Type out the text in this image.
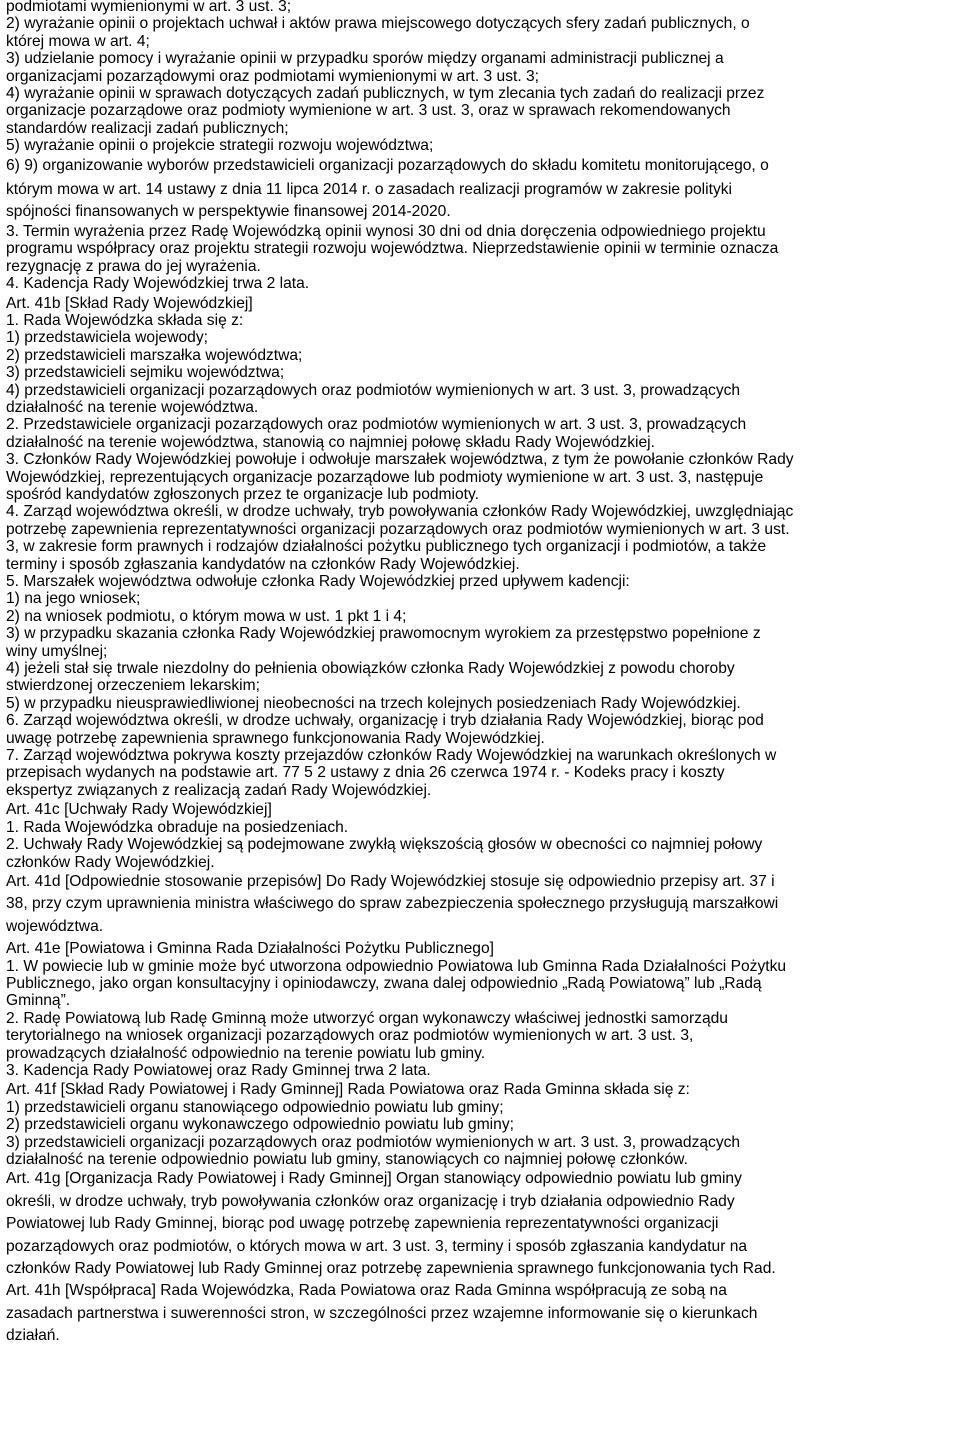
podmiotami wymienionymi w art. 3 ust. 3;
2) wyrażanie opinii o projektach uchwał i aktów prawa miejscowego dotyczących sfery zadań publicznych, o
której mowa w art. 4;
3) udzielanie pomocy i wyrażanie opinii w przypadku sporów między organami administracji publicznej a
organizacjami pozarządowymi oraz podmiotami wymienionymi w art. 3 ust. 3;
4) wyrażanie opinii w sprawach dotyczących zadań publicznych, w tym zlecania tych zadań do realizacji przez
organizacje pozarządowe oraz podmioty wymienione w art. 3 ust. 3, oraz w sprawach rekomendowanych
standardów realizacji zadań publicznych;
5) wyrażanie opinii o projekcie strategii rozwoju województwa;
6) 9) organizowanie wyborów przedstawicieli organizacji pozarządowych do składu komitetu monitorującego, o
którym mowa w art. 14 ustawy z dnia 11 lipca 2014 r. o zasadach realizacji programów w zakresie polityki
spójności finansowanych w perspektywie finansowej 2014-2020.
3. Termin wyrażenia przez Radę Wojewódzką opinii wynosi 30 dni od dnia doręczenia odpowiedniego projektu
programu współpracy oraz projektu strategii rozwoju województwa. Nieprzedstawienie opinii w terminie oznacza
rezygnację z prawa do jej wyrażenia.
4. Kadencja Rady Wojewódzkiej trwa 2 lata.
Art. 41b [Skład Rady Wojewódzkiej]
1. Rada Wojewódzka składa się z:
1) przedstawiciela wojewody;
2) przedstawicieli marszałka województwa;
3) przedstawicieli sejmiku województwa;
4) przedstawicieli organizacji pozarządowych oraz podmiotów wymienionych w art. 3 ust. 3, prowadzących
działalność na terenie województwa.
2. Przedstawiciele organizacji pozarządowych oraz podmiotów wymienionych w art. 3 ust. 3, prowadzących
działalność na terenie województwa, stanowią co najmniej połowę składu Rady Wojewódzkiej.
3. Członków Rady Wojewódzkiej powołuje i odwołuje marszałek województwa, z tym że powołanie członków Rady
Wojewódzkiej, reprezentujących organizacje pozarządowe lub podmioty wymienione w art. 3 ust. 3, następuje
spośród kandydatów zgłoszonych przez te organizacje lub podmioty.
4. Zarząd województwa określi, w drodze uchwały, tryb powoływania członków Rady Wojewódzkiej, uwzględniając
potrzebę zapewnienia reprezentatywności organizacji pozarządowych oraz podmiotów wymienionych w art. 3 ust.
3, w zakresie form prawnych i rodzajów działalności pożytku publicznego tych organizacji i podmiotów, a także
terminy i sposób zgłaszania kandydatów na członków Rady Wojewódzkiej.
5. Marszałek województwa odwołuje członka Rady Wojewódzkiej przed upływem kadencji:
1) na jego wniosek;
2) na wniosek podmiotu, o którym mowa w ust. 1 pkt 1 i 4;
3) w przypadku skazania członka Rady Wojewódzkiej prawomocnym wyrokiem za przestępstwo popełnione z
winy umyślnej;
4) jeżeli stał się trwale niezdolny do pełnienia obowiązków członka Rady Wojewódzkiej z powodu choroby
stwierdzonej orzeczeniem lekarskim;
5) w przypadku nieusprawiedliwionej nieobecności na trzech kolejnych posiedzeniach Rady Wojewódzkiej.
6. Zarząd województwa określi, w drodze uchwały, organizację i tryb działania Rady Wojewódzkiej, biorąc pod
uwagę potrzebę zapewnienia sprawnego funkcjonowania Rady Wojewódzkiej.
7. Zarząd województwa pokrywa koszty przejazdów członków Rady Wojewódzkiej na warunkach określonych w
przepisach wydanych na podstawie art. 77 5 2 ustawy z dnia 26 czerwca 1974 r. - Kodeks pracy i koszty
ekspertyz związanych z realizacją zadań Rady Wojewódzkiej.
Art. 41c [Uchwały Rady Wojewódzkiej]
1. Rada Wojewódzka obraduje na posiedzeniach.
2. Uchwały Rady Wojewódzkiej są podejmowane zwykłą większością głosów w obecności co najmniej połowy
członków Rady Wojewódzkiej.
Art. 41d [Odpowiednie stosowanie przepisów] Do Rady Wojewódzkiej stosuje się odpowiednio przepisy art. 37 i
38, przy czym uprawnienia ministra właściwego do spraw zabezpieczenia społecznego przysługują marszałkowi
województwa.
Art. 41e [Powiatowa i Gminna Rada Działalności Pożytku Publicznego]
1. W powiecie lub w gminie może być utworzona odpowiednio Powiatowa lub Gminna Rada Działalności Pożytku
Publicznego, jako organ konsultacyjny i opiniodawczy, zwana dalej odpowiednio „Radą Powiatową” lub „Radą
Gminną”.
2. Radę Powiatową lub Radę Gminną może utworzyć organ wykonawczy właściwej jednostki samorządu
terytorialnego na wniosek organizacji pozarządowych oraz podmiotów wymienionych w art. 3 ust. 3,
prowadzących działalność odpowiednio na terenie powiatu lub gminy.
3. Kadencja Rady Powiatowej oraz Rady Gminnej trwa 2 lata.
Art. 41f [Skład Rady Powiatowej i Rady Gminnej] Rada Powiatowa oraz Rada Gminna składa się z:
1) przedstawicieli organu stanowiącego odpowiednio powiatu lub gminy;
2) przedstawicieli organu wykonawczego odpowiednio powiatu lub gminy;
3) przedstawicieli organizacji pozarządowych oraz podmiotów wymienionych w art. 3 ust. 3, prowadzących
działalność na terenie odpowiednio powiatu lub gminy, stanowiących co najmniej połowę członków.
Art. 41g [Organizacja Rady Powiatowej i Rady Gminnej] Organ stanowiący odpowiednio powiatu lub gminy
określi, w drodze uchwały, tryb powoływania członków oraz organizację i tryb działania odpowiednio Rady
Powiatowej lub Rady Gminnej, biorąc pod uwagę potrzebę zapewnienia reprezentatywności organizacji
pozarządowych oraz podmiotów, o których mowa w art. 3 ust. 3, terminy i sposób zgłaszania kandydatur na
członków Rady Powiatowej lub Rady Gminnej oraz potrzebę zapewnienia sprawnego funkcjonowania tych Rad.
Art. 41h [Współpraca] Rada Wojewódzka, Rada Powiatowa oraz Rada Gminna współpracują ze sobą na
zasadach partnerstwa i suwerenności stron, w szczególności przez wzajemne informowanie się o kierunkach
działań.
